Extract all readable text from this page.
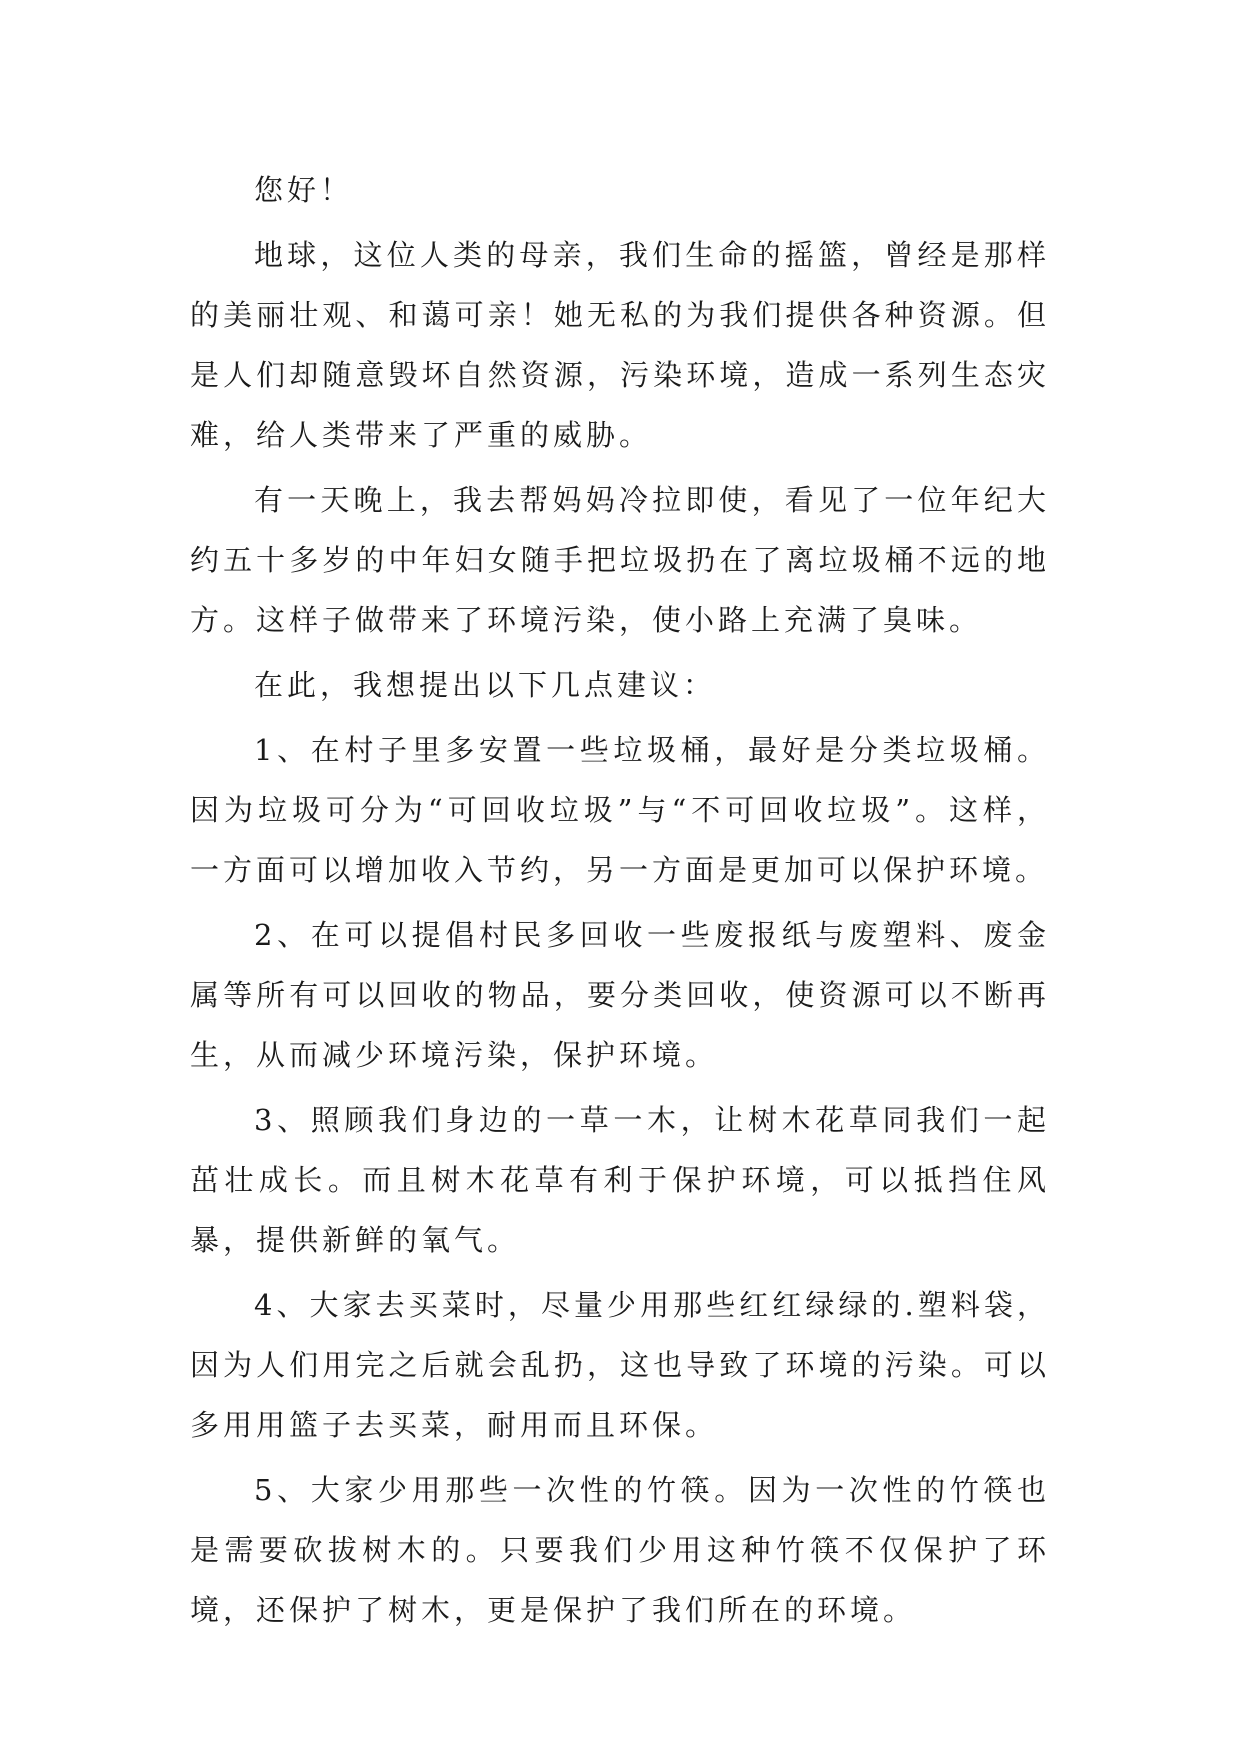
您好！

地球，这位人类的母亲，我们生命的摇篮，曾经是那样的美丽壮观、和蔼可亲！她无私的为我们提供各种资源。但是人们却随意毁坏自然资源，污染环境，造成一系列生态灾难，给人类带来了严重的威胁。

有一天晚上，我去帮妈妈冷拉即使，看见了一位年纪大约五十多岁的中年妇女随手把垃圾扔在了离垃圾桶不远的地方。这样子做带来了环境污染，使小路上充满了臭味。

在此，我想提出以下几点建议：

1、在村子里多安置一些垃圾桶，最好是分类垃圾桶。因为垃圾可分为“可回收垃圾”与“不可回收垃圾”。这样，一方面可以增加收入节约，另一方面是更加可以保护环境。

2、在可以提倡村民多回收一些废报纸与废塑料、废金属等所有可以回收的物品，要分类回收，使资源可以不断再生，从而减少环境污染，保护环境。

3、照顾我们身边的一草一木，让树木花草同我们一起茁壮成长。而且树木花草有利于保护环境，可以抵挡住风暴，提供新鲜的氧气。

4、大家去买菜时，尽量少用那些红红绿绿的.塑料袋，因为人们用完之后就会乱扔，这也导致了环境的污染。可以多用用篮子去买菜，耐用而且环保。

5、大家少用那些一次性的竹筷。因为一次性的竹筷也是需要砍拔树木的。只要我们少用这种竹筷不仅保护了环境，还保护了树木，更是保护了我们所在的环境。
